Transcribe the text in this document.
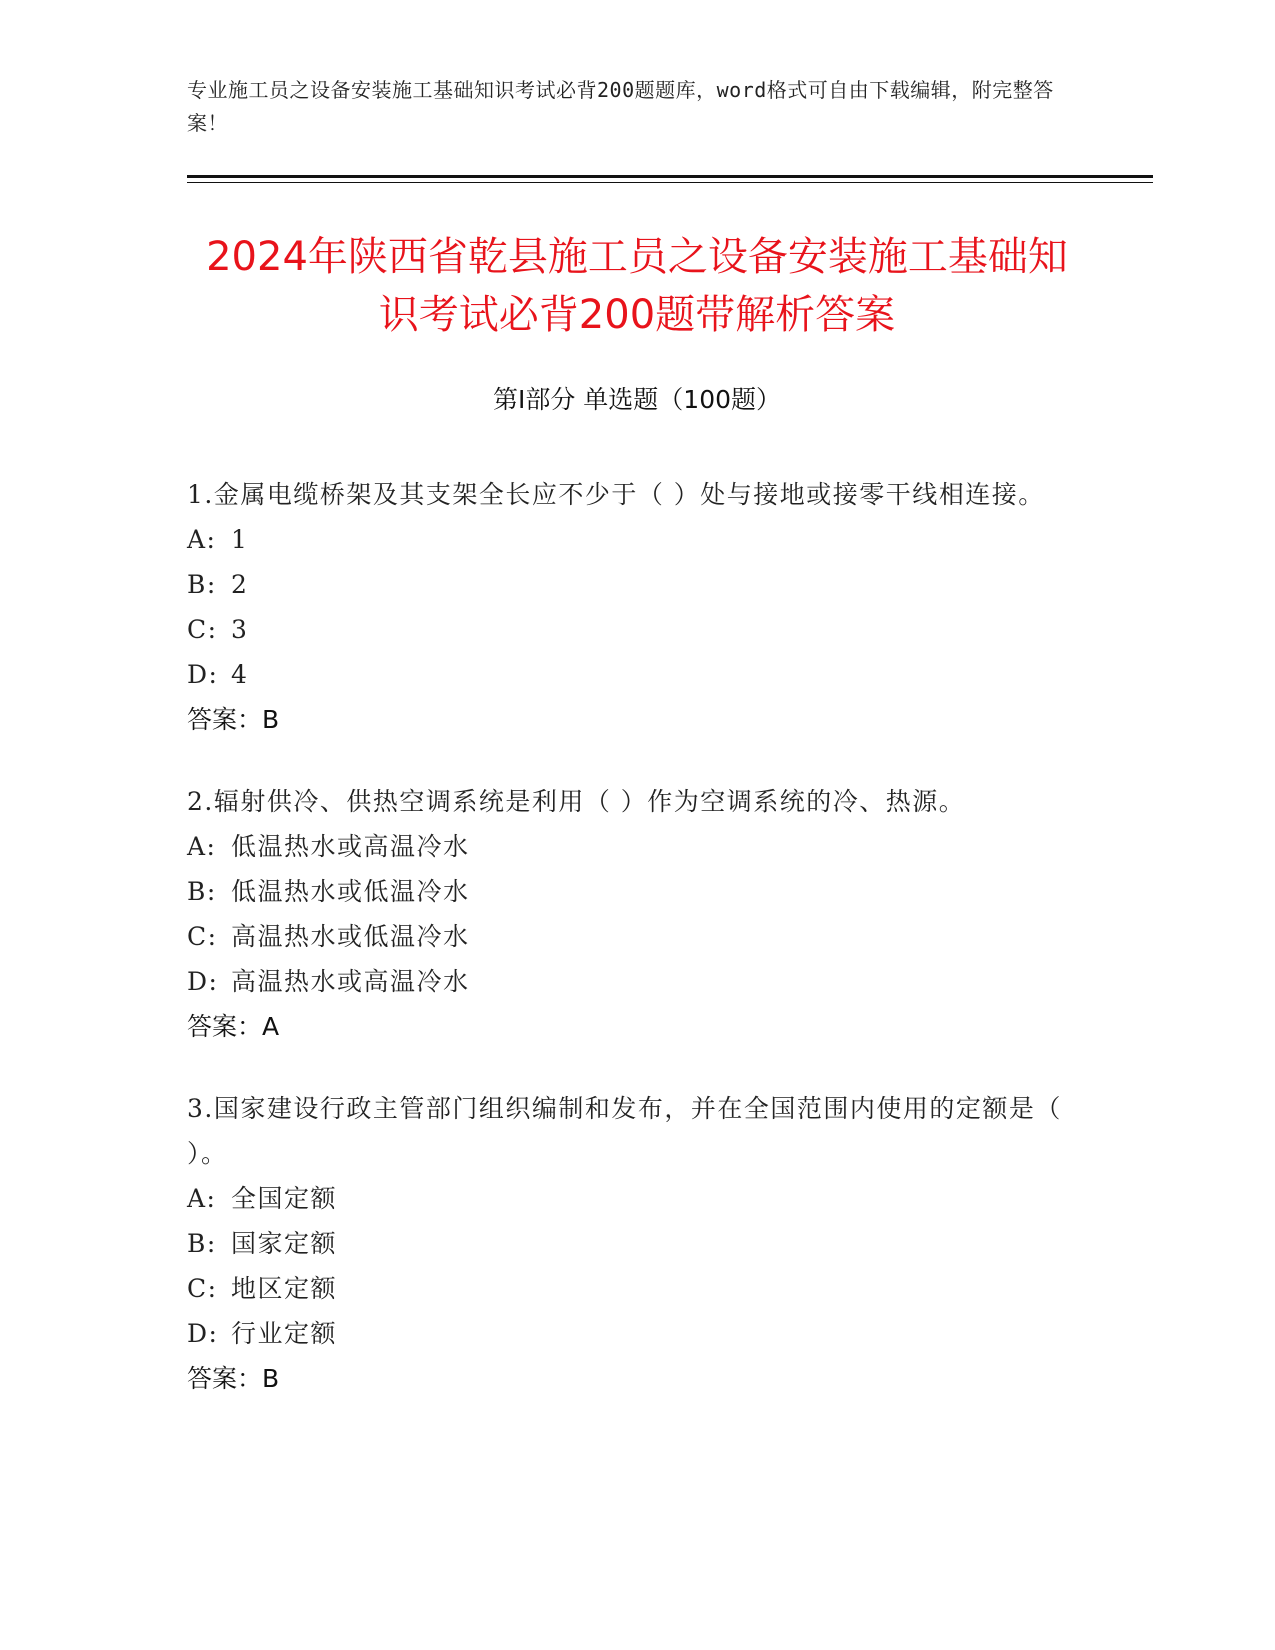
专业施工员之设备安装施工基础知识考试必背200题题库，word格式可自由下载编辑，附完整答案！
2024年陕西省乾县施工员之设备安装施工基础知识考试必背200题带解析答案
第Ⅰ部分 单选题（100题）
1.金属电缆桥架及其支架全长应不少于（ ）处与接地或接零干线相连接。
A: 1
B: 2
C: 3
D: 4
答案：B
2.辐射供冷、供热空调系统是利用（ ）作为空调系统的冷、热源。
A: 低温热水或高温冷水
B: 低温热水或低温冷水
C: 高温热水或低温冷水
D: 高温热水或高温冷水
答案：A
3.国家建设行政主管部门组织编制和发布，并在全国范围内使用的定额是（ ）。
A: 全国定额
B: 国家定额
C: 地区定额
D: 行业定额
答案：B
